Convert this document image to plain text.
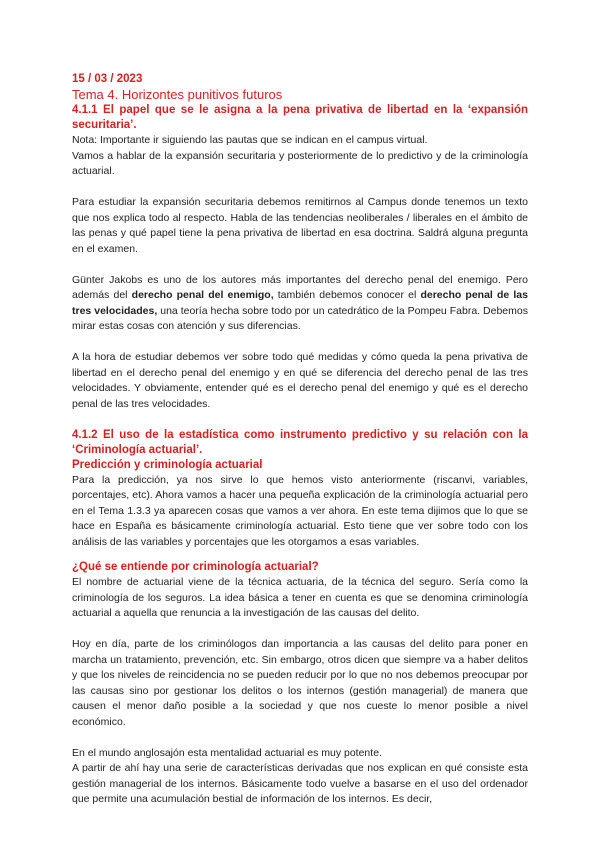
15 / 03 / 2023
Tema 4. Horizontes punitivos futuros
4.1.1 El papel que se le asigna a la pena privativa de libertad en la ‘expansión securitaria’.

Nota: Importante ir siguiendo las pautas que se indican en el campus virtual.

Vamos a hablar de la expansión securitaria y posteriormente de lo predictivo y de la criminología actuarial.

Para estudiar la expansión securitaria debemos remitirnos al Campus donde tenemos un texto que nos explica todo al respecto. Habla de las tendencias neoliberales / liberales en el ámbito de las penas y qué papel tiene la pena privativa de libertad en esa doctrina. Saldrá alguna pregunta en el examen.

Günter Jakobs es uno de los autores más importantes del derecho penal del enemigo. Pero además del derecho penal del enemigo, también debemos conocer el derecho penal de las tres velocidades, una teoría hecha sobre todo por un catedrático de la Pompeu Fabra. Debemos mirar estas cosas con atención y sus diferencias.

A la hora de estudiar debemos ver sobre todo qué medidas y cómo queda la pena privativa de libertad en el derecho penal del enemigo y en qué se diferencia del derecho penal de las tres velocidades. Y obviamente, entender qué es el derecho penal del enemigo y qué es el derecho penal de las tres velocidades.

4.1.2 El uso de la estadística como instrumento predictivo y su relación con la ‘Criminología actuarial’.
Predicción y criminología actuarial

Para la predicción, ya nos sirve lo que hemos visto anteriormente (riscanvi, variables, porcentajes, etc). Ahora vamos a hacer una pequeña explicación de la criminología actuarial pero en el Tema 1.3.3 ya aparecen cosas que vamos a ver ahora. En este tema dijimos que lo que se hace en España es básicamente criminología actuarial. Esto tiene que ver sobre todo con los análisis de las variables y porcentajes que les otorgamos a esas variables.

¿Qué se entiende por criminología actuarial?

El nombre de actuarial viene de la técnica actuaria, de la técnica del seguro. Sería como la criminología de los seguros. La idea básica a tener en cuenta es que se denomina criminología actuarial a aquella que renuncia a la investigación de las causas del delito.

Hoy en día, parte de los criminólogos dan importancia a las causas del delito para poner en marcha un tratamiento, prevención, etc. Sin embargo, otros dicen que siempre va a haber delitos y que los niveles de reincidencia no se pueden reducir por lo que no nos debemos preocupar por las causas sino por gestionar los delitos o los internos (gestión managerial) de manera que causen el menor daño posible a la sociedad y que nos cueste lo menor posible a nivel económico.

En el mundo anglosajón esta mentalidad actuarial es muy potente.

A partir de ahí hay una serie de características derivadas que nos explican en qué consiste esta gestión managerial de los internos. Básicamente todo vuelve a basarse en el uso del ordenador que permite una acumulación bestial de información de los internos. Es decir,
